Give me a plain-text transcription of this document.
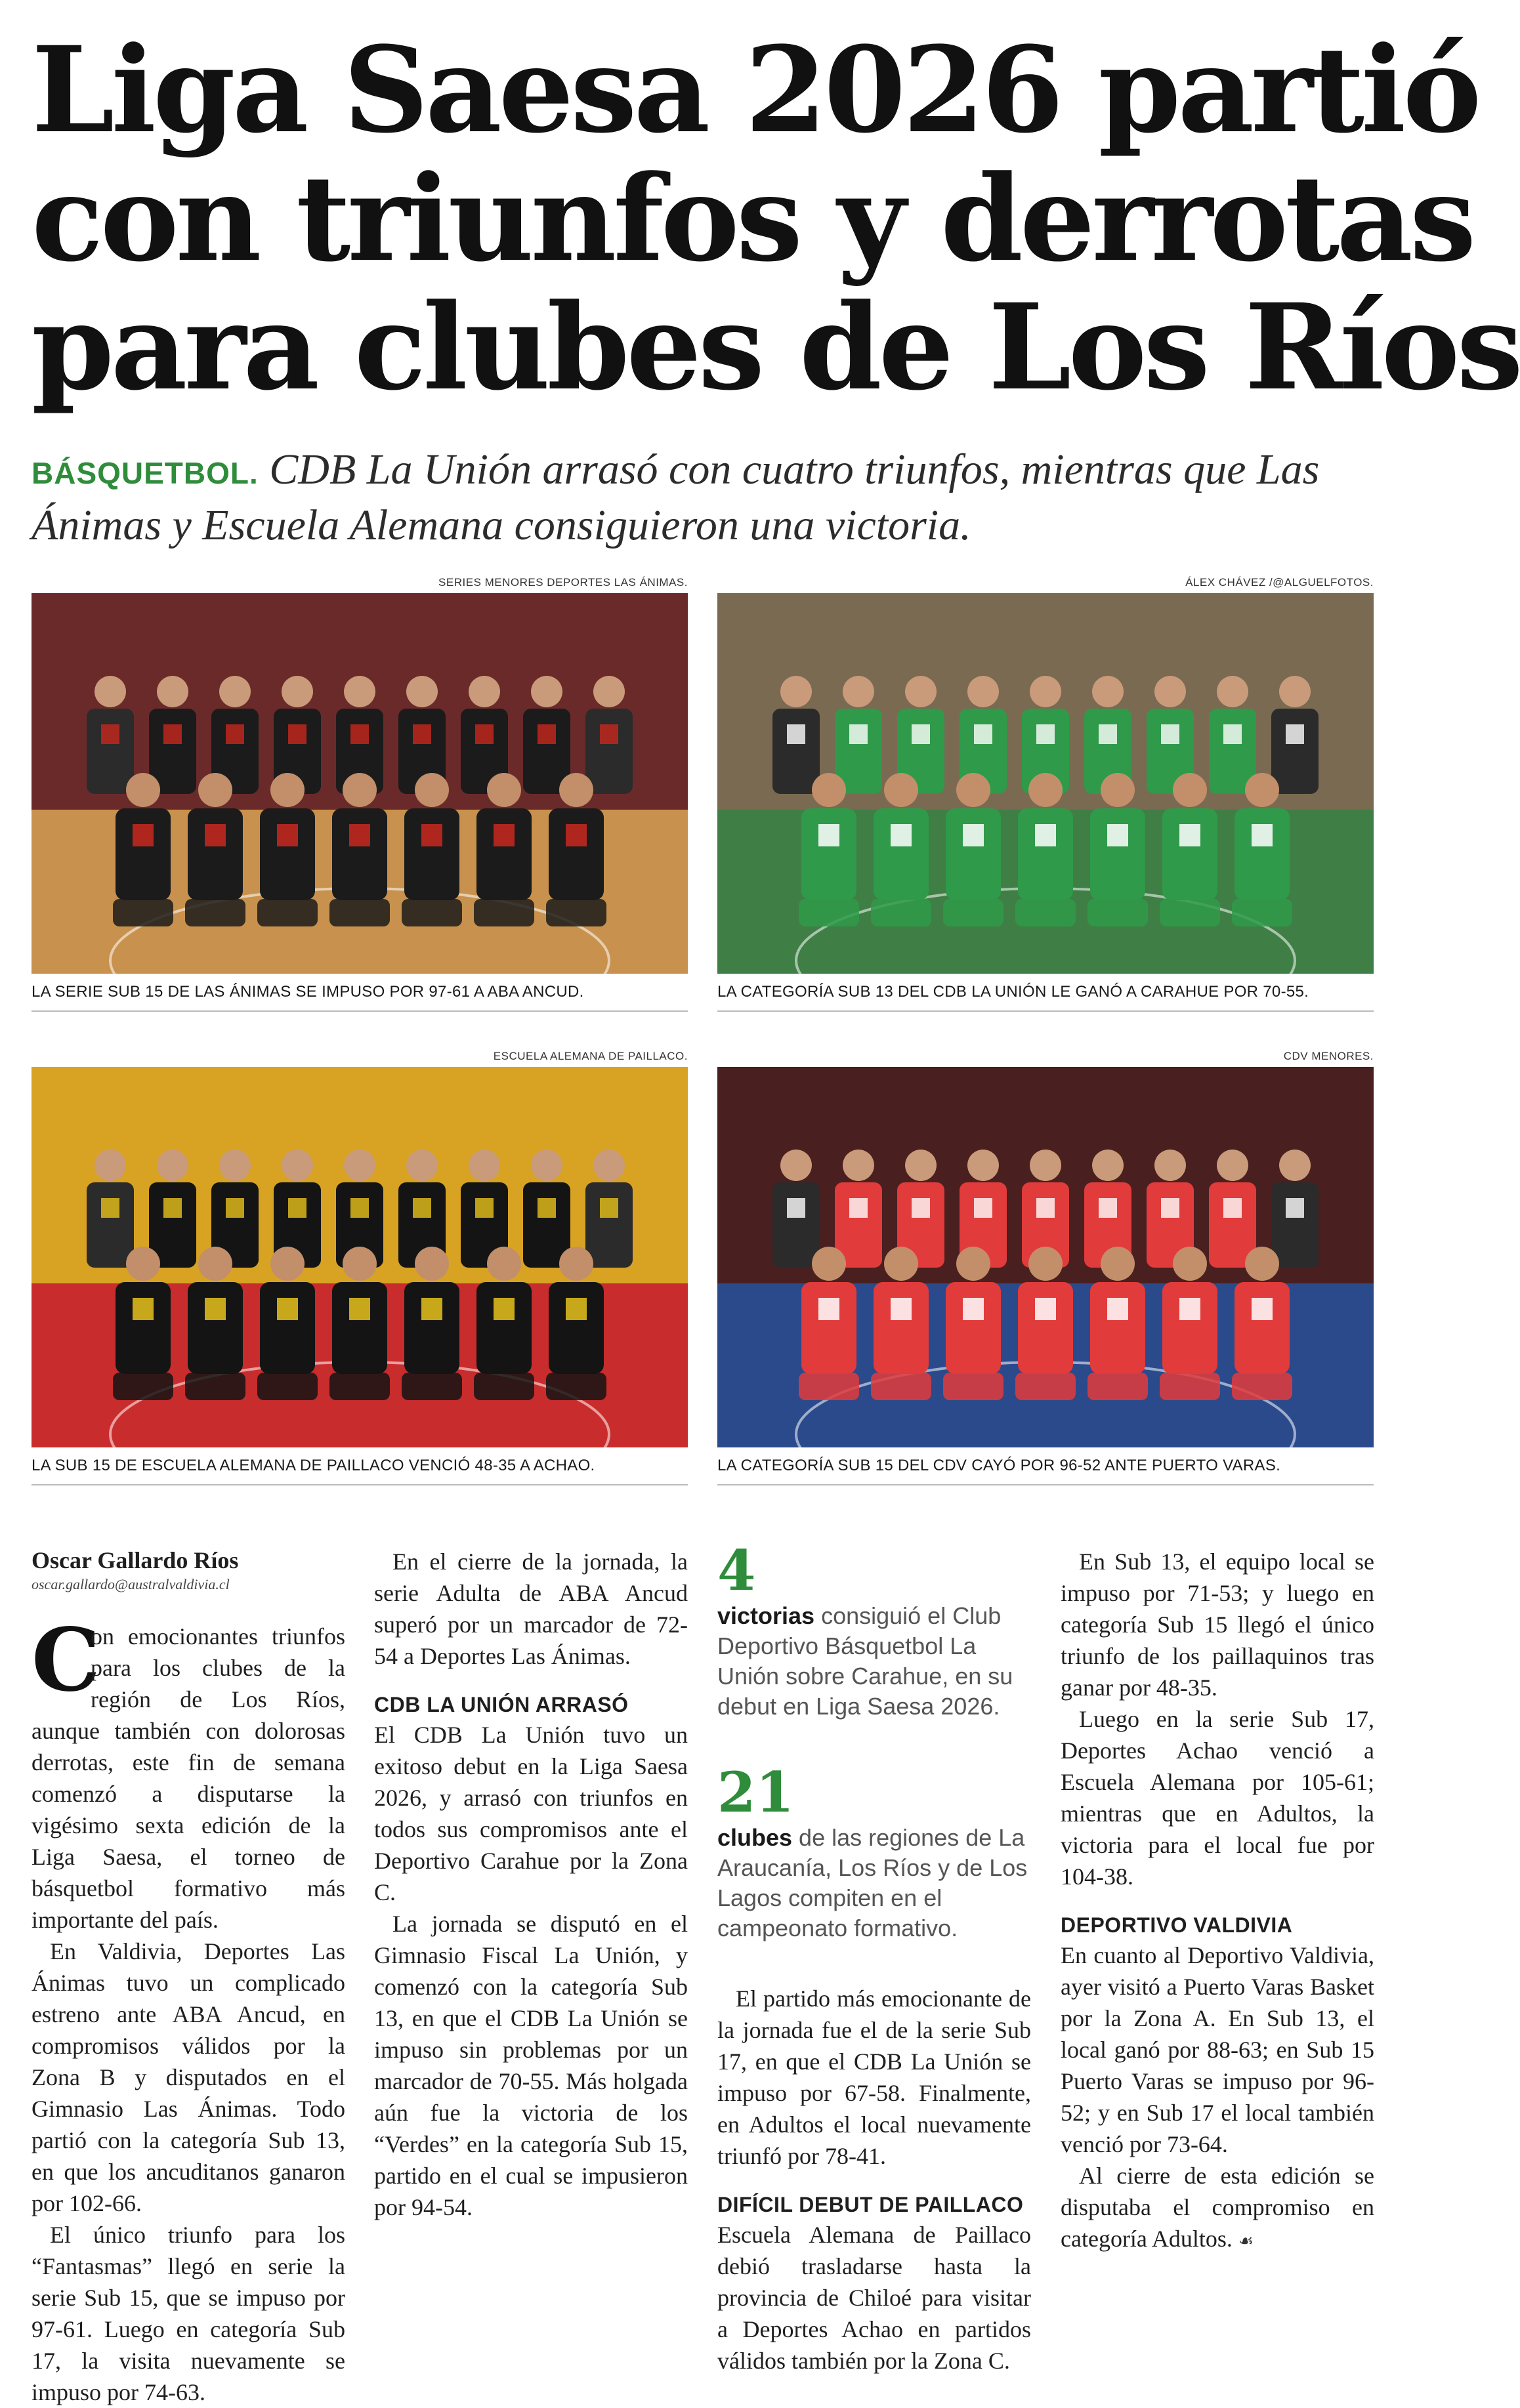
Liga Saesa 2026 partió
con triunfos y derrotas
para clubes de Los Ríos
BÁSQUETBOL. CDB La Unión arrasó con cuatro triunfos, mientras que Las Ánimas y Escuela Alemana consiguieron una victoria.
SERIES MENORES DEPORTES LAS ÁNIMAS.
LA SERIE SUB 15 DE LAS ÁNIMAS SE IMPUSO POR 97-61 A ABA ANCUD.
ÁLEX CHÁVEZ /@ALGUELFOTOS.
LA CATEGORÍA SUB 13 DEL CDB LA UNIÓN LE GANÓ A CARAHUE POR 70-55.
ESCUELA ALEMANA DE PAILLACO.
LA SUB 15 DE ESCUELA ALEMANA DE PAILLACO VENCIÓ 48-35 A ACHAO.
CDV MENORES.
LA CATEGORÍA SUB 15 DEL CDV CAYÓ POR 96-52 ANTE PUERTO VARAS.
Oscar Gallardo Ríos
oscar.gallardo@australvaldivia.cl

C
on emocionantes triunfos para los clubes de la región de Los Ríos, aunque también con dolorosas derrotas, este fin de semana comenzó a disputarse la vigésimo sexta edición de la Liga Saesa, el torneo de básquetbol formativo más importante del país.

En Valdivia, Deportes Las Ánimas tuvo un complicado estreno ante ABA Ancud, en compromisos válidos por la Zona B y disputados en el Gimnasio Las Ánimas. Todo partió con la categoría Sub 13, en que los ancuditanos ganaron por 102-66.

El único triunfo para los “Fantasmas” llegó en serie la serie Sub 15, que se impuso por 97-61. Luego en categoría Sub 17, la visita nuevamente se impuso por 74-63.

En el cierre de la jornada, la serie Adulta de ABA Ancud superó por un marcador de 72-54 a Deportes Las Ánimas.

CDB LA UNIÓN ARRASÓ

El CDB La Unión tuvo un exitoso debut en la Liga Saesa 2026, y arrasó con triunfos en todos sus compromisos ante el Deportivo Carahue por la Zona C.

La jornada se disputó en el Gimnasio Fiscal La Unión, y comenzó con la categoría Sub 13, en que el CDB La Unión se impuso sin problemas por un marcador de 70-55. Más holgada aún fue la victoria de los “Verdes” en la categoría Sub 15, partido en el cual se impusieron por 94-54.

4
victorias consiguió el Club Deportivo Básquetbol La Unión sobre Carahue, en su debut en Liga Saesa 2026.
21
clubes de las regiones de La Araucanía, Los Ríos y de Los Lagos compiten en el campeonato formativo.

El partido más emocionante de la jornada fue el de la serie Sub 17, en que el CDB La Unión se impuso por 67-58. Finalmente, en Adultos el local nuevamente triunfó por 78-41.

DIFÍCIL DEBUT DE PAILLACO

Escuela Alemana de Paillaco debió trasladarse hasta la provincia de Chiloé para visitar a Deportes Achao en partidos válidos también por la Zona C.

En Sub 13, el equipo local se impuso por 71-53; y luego en categoría Sub 15 llegó el único triunfo de los paillaquinos tras ganar por 48-35.

Luego en la serie Sub 17, Deportes Achao venció a Escuela Alemana por 105-61; mientras que en Adultos, la victoria para el local fue por 104-38.

DEPORTIVO VALDIVIA

En cuanto al Deportivo Valdivia, ayer visitó a Puerto Varas Basket por la Zona A. En Sub 13, el local ganó por 88-63; en Sub 15 Puerto Varas se impuso por 96-52; y en Sub 17 el local también venció por 73-64.

Al cierre de esta edición se disputaba el compromiso en categoría Adultos. ☙
